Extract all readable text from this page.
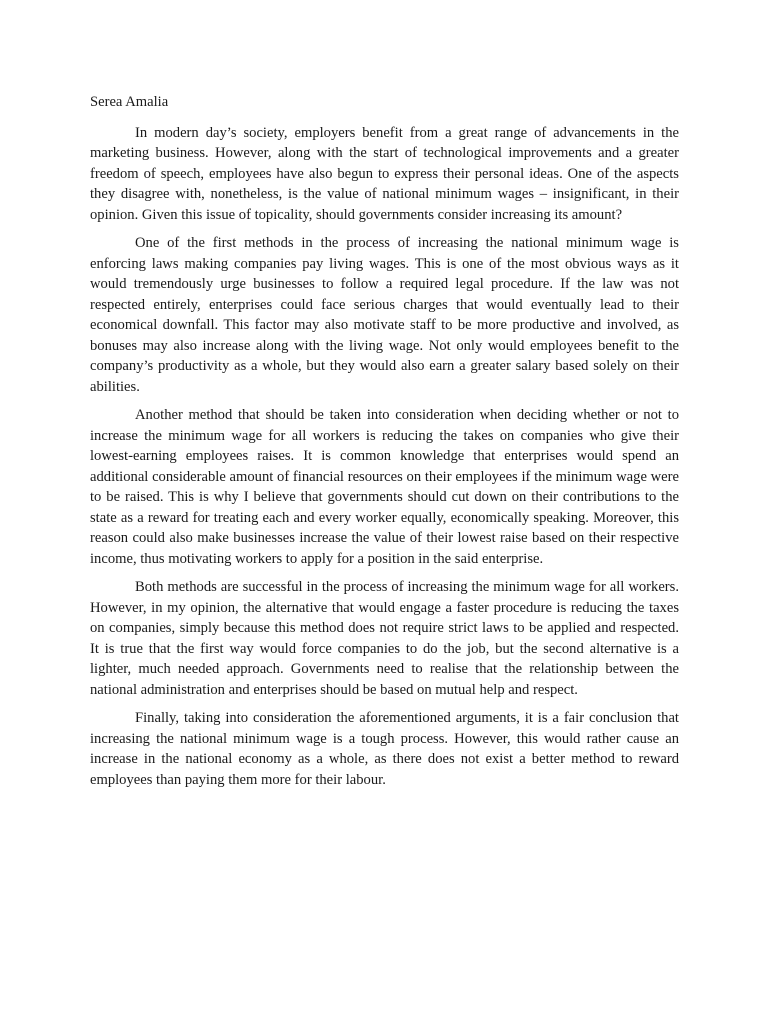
Serea Amalia

In modern day’s society, employers benefit from a great range of advancements in the marketing business. However, along with the start of technological improvements and a greater freedom of speech, employees have also begun to express their personal ideas. One of the aspects they disagree with, nonetheless, is the value of national minimum wages – insignificant, in their opinion. Given this issue of topicality, should governments consider increasing its amount?

One of the first methods in the process of increasing the national minimum wage is enforcing laws making companies pay living wages. This is one of the most obvious ways as it would tremendously urge businesses to follow a required legal procedure. If the law was not respected entirely, enterprises could face serious charges that would eventually lead to their economical downfall. This factor may also motivate staff to be more productive and involved, as bonuses may also increase along with the living wage. Not only would employees benefit to the company’s productivity as a whole, but they would also earn a greater salary based solely on their abilities.

Another method that should be taken into consideration when deciding whether or not to increase the minimum wage for all workers is reducing the takes on companies who give their lowest-earning employees raises. It is common knowledge that enterprises would spend an additional considerable amount of financial resources on their employees if the minimum wage were to be raised. This is why I believe that governments should cut down on their contributions to the state as a reward for treating each and every worker equally, economically speaking. Moreover, this reason could also make businesses increase the value of their lowest raise based on their respective income, thus motivating workers to apply for a position in the said enterprise.

Both methods are successful in the process of increasing the minimum wage for all workers. However, in my opinion, the alternative that would engage a faster procedure is reducing the taxes on companies, simply because this method does not require strict laws to be applied and respected. It is true that the first way would force companies to do the job, but the second alternative is a lighter, much needed approach. Governments need to realise that the relationship between the national administration and enterprises should be based on mutual help and respect.

Finally, taking into consideration the aforementioned arguments, it is a fair conclusion that increasing the national minimum wage is a tough process. However, this would rather cause an increase in the national economy as a whole, as there does not exist a better method to reward employees than paying them more for their labour.
